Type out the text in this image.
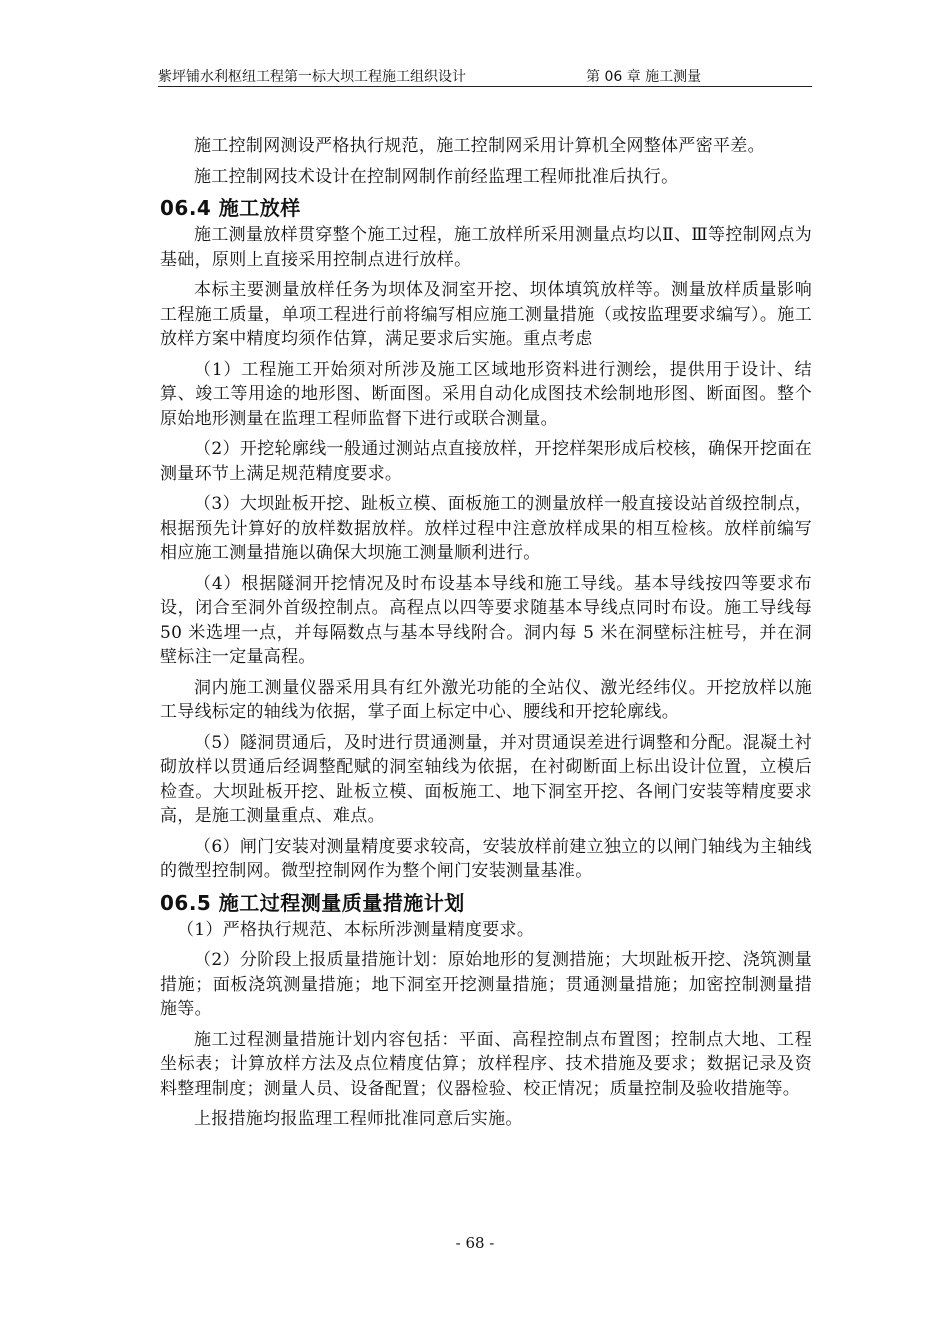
紫坪铺水利枢纽工程第一标大坝工程施工组织设计	第 06 章 施工测量

施工控制网测设严格执行规范，施工控制网采用计算机全网整体严密平差。

施工控制网技术设计在控制网制作前经监理工程师批准后执行。

06.4 施工放样

施工测量放样贯穿整个施工过程，施工放样所采用测量点均以Ⅱ、Ⅲ等控制网点为基础，原则上直接采用控制点进行放样。

本标主要测量放样任务为坝体及洞室开挖、坝体填筑放样等。测量放样质量影响工程施工质量，单项工程进行前将编写相应施工测量措施（或按监理要求编写）。施工放样方案中精度均须作估算，满足要求后实施。重点考虑

（1）工程施工开始须对所涉及施工区域地形资料进行测绘，提供用于设计、结算、竣工等用途的地形图、断面图。采用自动化成图技术绘制地形图、断面图。整个原始地形测量在监理工程师监督下进行或联合测量。

（2）开挖轮廓线一般通过测站点直接放样，开挖样架形成后校核，确保开挖面在测量环节上满足规范精度要求。

（3）大坝趾板开挖、趾板立模、面板施工的测量放样一般直接设站首级控制点，根据预先计算好的放样数据放样。放样过程中注意放样成果的相互检核。放样前编写相应施工测量措施以确保大坝施工测量顺利进行。

（4）根据隧洞开挖情况及时布设基本导线和施工导线。基本导线按四等要求布设，闭合至洞外首级控制点。高程点以四等要求随基本导线点同时布设。施工导线每 50 米选埋一点，并每隔数点与基本导线附合。洞内每 5 米在洞壁标注桩号，并在洞壁标注一定量高程。

洞内施工测量仪器采用具有红外激光功能的全站仪、激光经纬仪。开挖放样以施工导线标定的轴线为依据，掌子面上标定中心、腰线和开挖轮廓线。

（5）隧洞贯通后，及时进行贯通测量，并对贯通误差进行调整和分配。混凝土衬砌放样以贯通后经调整配赋的洞室轴线为依据，在衬砌断面上标出设计位置，立模后检查。大坝趾板开挖、趾板立模、面板施工、地下洞室开挖、各闸门安装等精度要求高，是施工测量重点、难点。

（6）闸门安装对测量精度要求较高，安装放样前建立独立的以闸门轴线为主轴线的微型控制网。微型控制网作为整个闸门安装测量基准。

06.5 施工过程测量质量措施计划

（1）严格执行规范、本标所涉测量精度要求。

（2）分阶段上报质量措施计划：原始地形的复测措施；大坝趾板开挖、浇筑测量措施；面板浇筑测量措施；地下洞室开挖测量措施；贯通测量措施；加密控制测量措施等。

施工过程测量措施计划内容包括：平面、高程控制点布置图；控制点大地、工程坐标表；计算放样方法及点位精度估算；放样程序、技术措施及要求；数据记录及资料整理制度；测量人员、设备配置；仪器检验、校正情况；质量控制及验收措施等。

上报措施均报监理工程师批准同意后实施。

- 68 -
